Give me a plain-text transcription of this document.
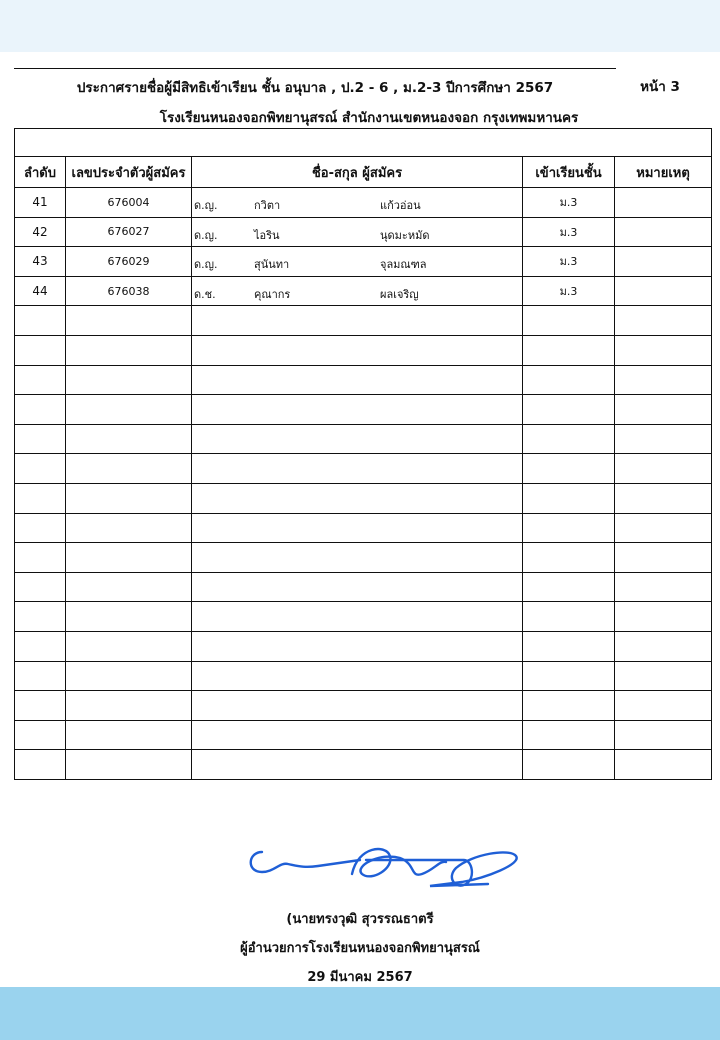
ประกาศรายชื่อผู้มีสิทธิเข้าเรียน ชั้น อนุบาล , ป.2 - 6 , ม.2-3 ปีการศึกษา 2567	หน้า 3
โรงเรียนหนองจอกพิทยานุสรณ์ สำนักงานเขตหนองจอก กรุงเทพมหานคร

ลำดับ	เลขประจำตัวผู้สมัคร	ชื่อ-สกุล ผู้สมัคร	เข้าเรียนชั้น	หมายเหตุ
41	676004	ด.ญ. กวิตา แก้วอ่อน	ม.3	
42	676027	ด.ญ. ไอริน นุดมะหมัด	ม.3	
43	676029	ด.ญ. สุนันทา จุลมณฑล	ม.3	
44	676038	ด.ช. คุณากร ผลเจริญ	ม.3	

(นายทรงวุฒิ สุวรรณธาตรี
ผู้อำนวยการโรงเรียนหนองจอกพิทยานุสรณ์
29 มีนาคม 2567
